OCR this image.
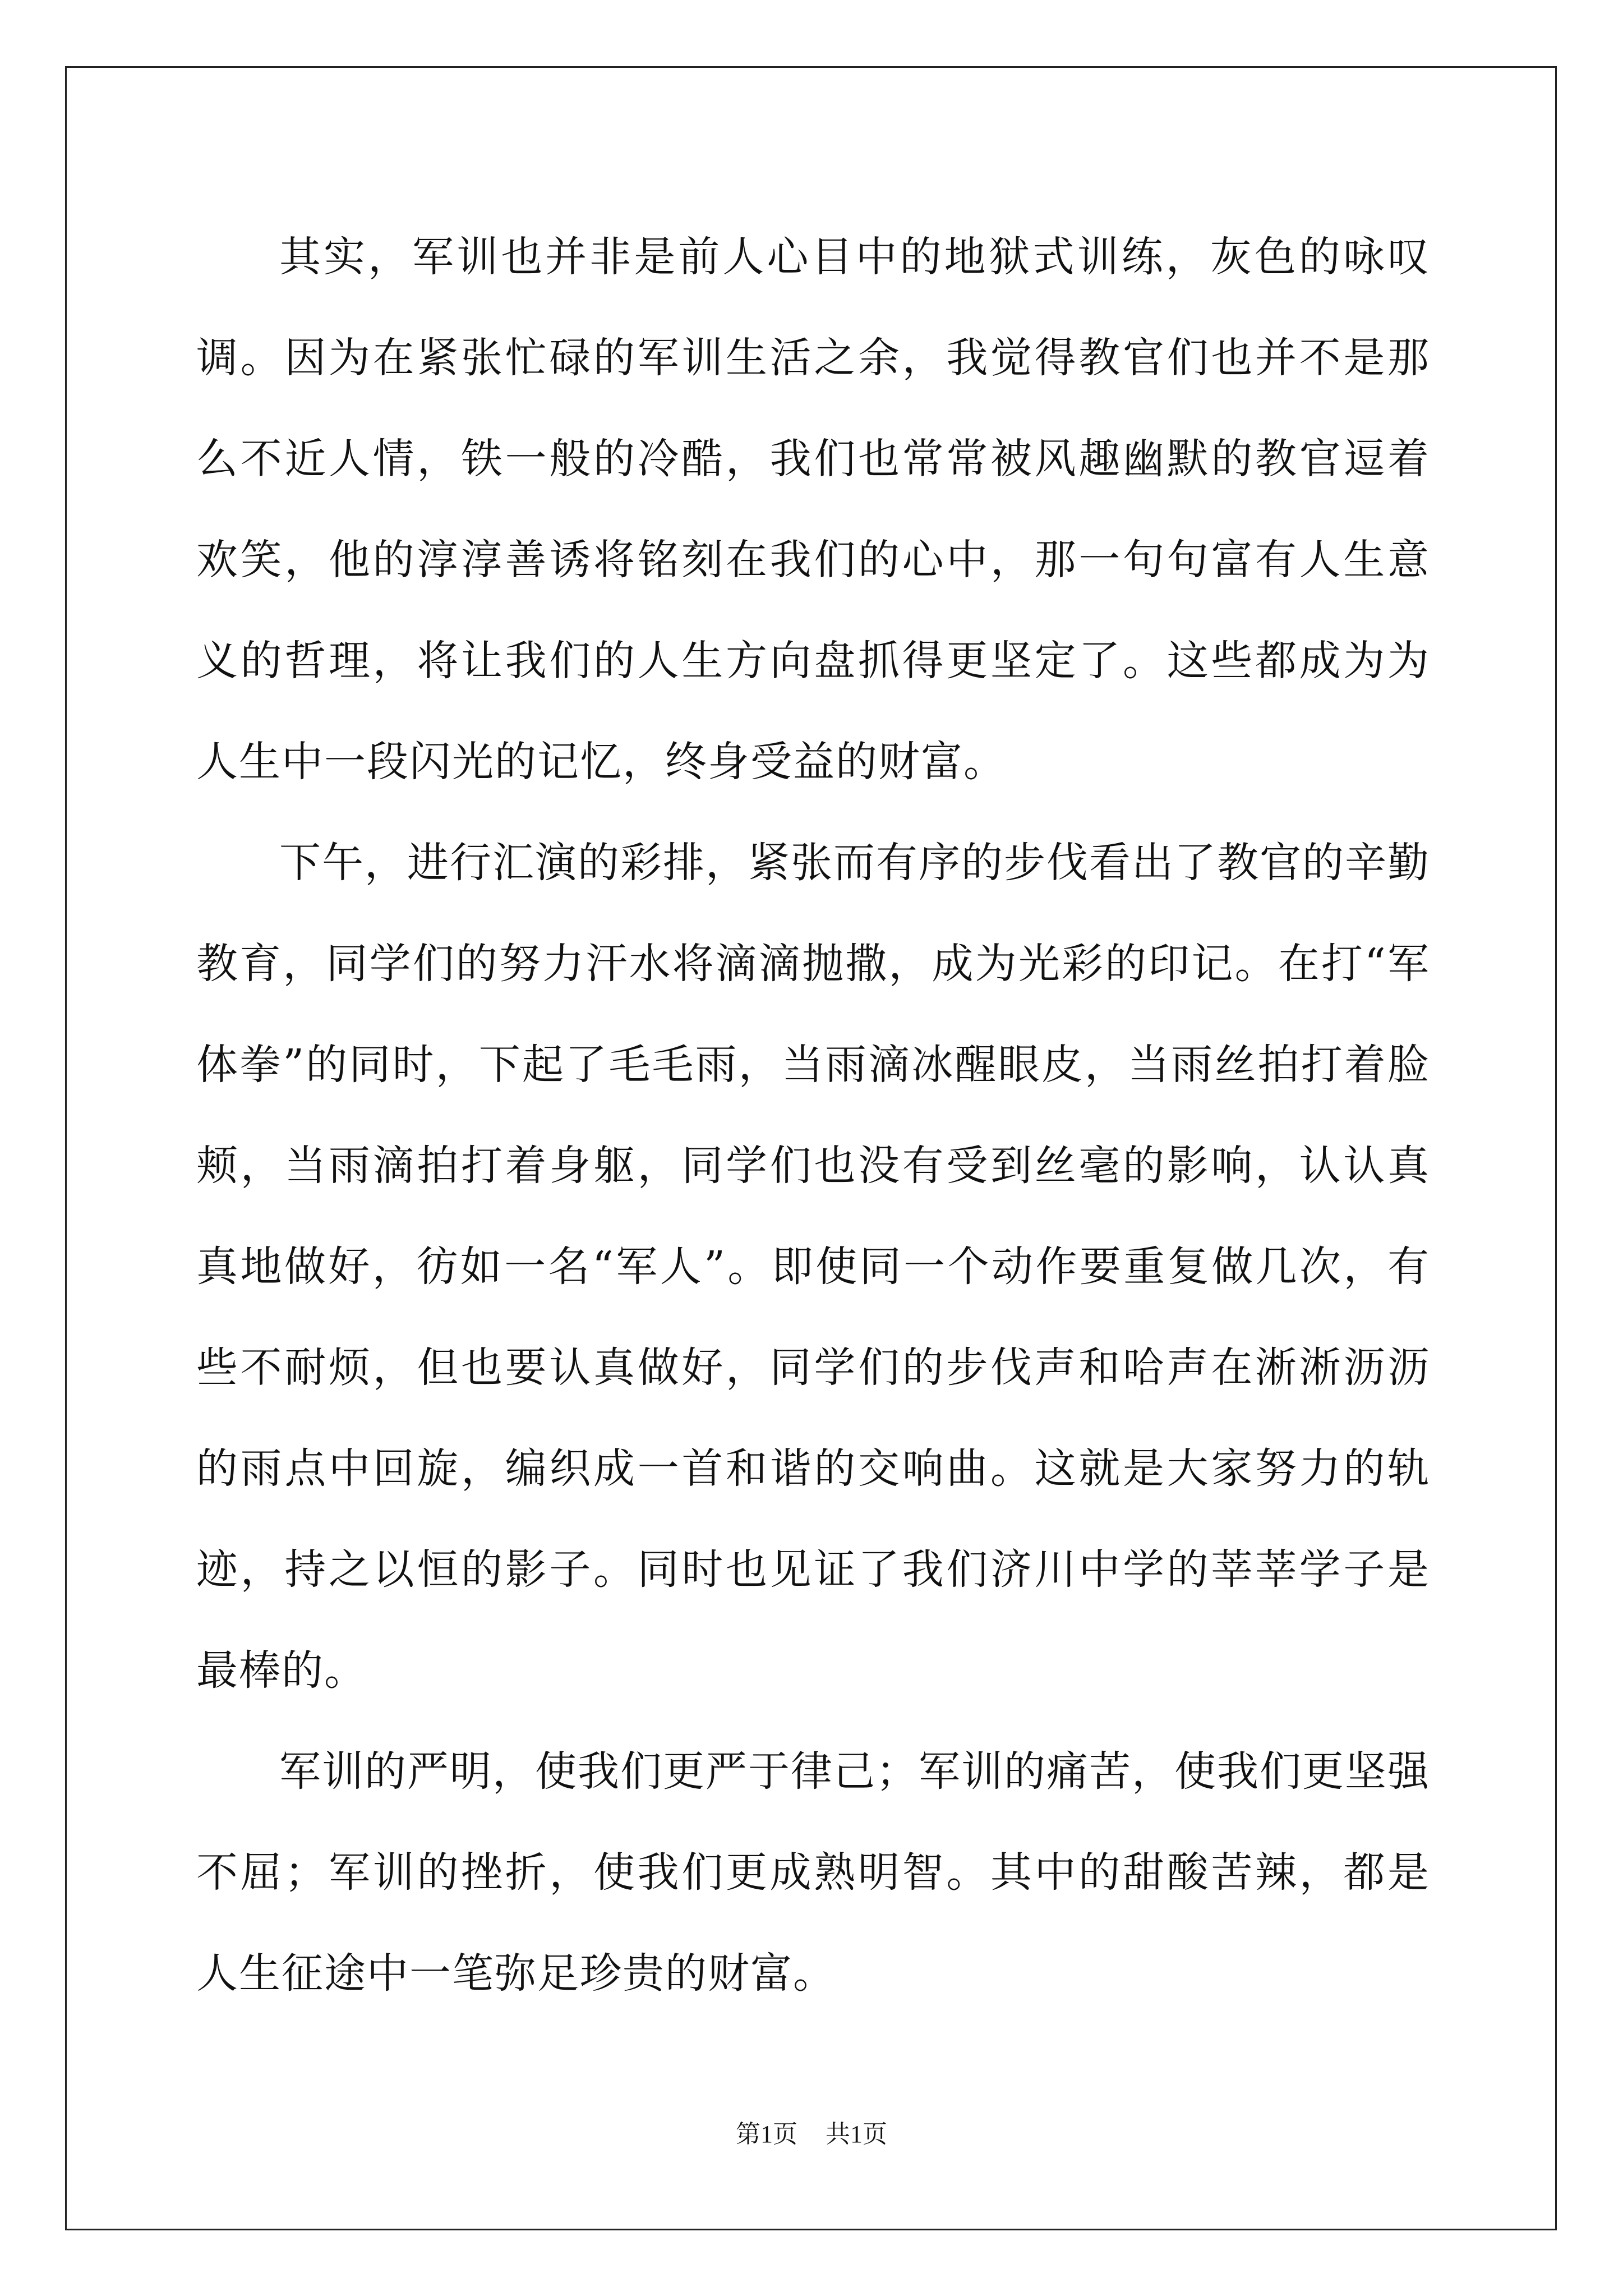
其实，军训也并非是前人心目中的地狱式训练，灰色的咏叹调。因为在紧张忙碌的军训生活之余，我觉得教官们也并不是那么不近人情，铁一般的冷酷，我们也常常被风趣幽默的教官逗着欢笑，他的淳淳善诱将铭刻在我们的心中，那一句句富有人生意义的哲理，将让我们的人生方向盘抓得更坚定了。这些都成为为人生中一段闪光的记忆，终身受益的财富。

下午，进行汇演的彩排，紧张而有序的步伐看出了教官的辛勤教育，同学们的努力汗水将滴滴抛撒，成为光彩的印记。在打“军体拳”的同时，下起了毛毛雨，当雨滴冰醒眼皮，当雨丝拍打着脸颊，当雨滴拍打着身躯，同学们也没有受到丝毫的影响，认认真真地做好，彷如一名“军人”。即使同一个动作要重复做几次，有些不耐烦，但也要认真做好，同学们的步伐声和哈声在淅淅沥沥的雨点中回旋，编织成一首和谐的交响曲。这就是大家努力的轨迹，持之以恒的影子。同时也见证了我们济川中学的莘莘学子是最棒的。

军训的严明，使我们更严于律己；军训的痛苦，使我们更坚强不屈；军训的挫折，使我们更成熟明智。其中的甜酸苦辣，都是人生征途中一笔弥足珍贵的财富。

第1页 共1页
